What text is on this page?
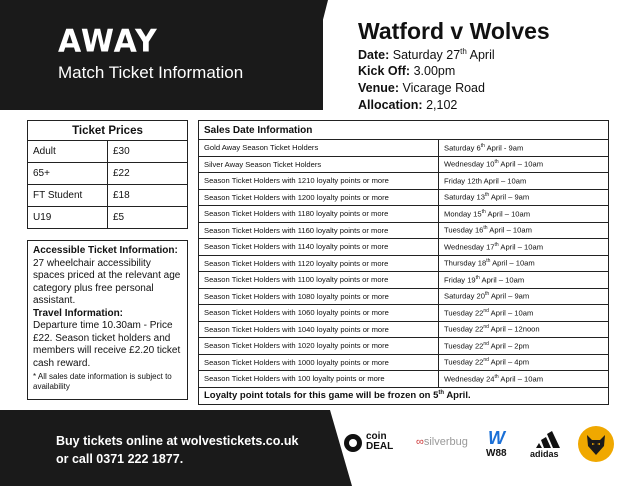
AWAY
Match Ticket Information
Watford v Wolves
Date: Saturday 27th April
Kick Off: 3.00pm
Venue: Vicarage Road
Allocation: 2,102
Ticket Prices	
Adult	£30
65+	£22
FT Student	£18
U19	£5
Accessible Ticket Information:
27 wheelchair accessibility spaces priced at the relevant age category plus free personal assistant.
Travel Information:
Departure time 10.30am - Price £22. Season ticket holders and members will receive £2.20 ticket cash reward.
* All sales date information is subject to availability
Sales Date Information	
Gold Away Season Ticket Holders	Saturday 6th April - 9am
Silver Away Season Ticket Holders	Wednesday 10th April – 10am
Season Ticket Holders with 1210 loyalty points or more	Friday 12th April – 10am
Season Ticket Holders with 1200 loyalty points or more	Saturday 13th April – 9am
Season Ticket Holders with 1180 loyalty points or more	Monday 15th April – 10am
Season Ticket Holders with 1160 loyalty points or more	Tuesday 16th April – 10am
Season Ticket Holders with 1140 loyalty points or more	Wednesday 17th April – 10am
Season Ticket Holders with 1120 loyalty points or more	Thursday 18th April – 10am
Season Ticket Holders with 1100 loyalty points or more	Friday 19th April – 10am
Season Ticket Holders with 1080 loyalty points or more	Saturday 20th April – 9am
Season Ticket Holders with 1060 loyalty points or more	Tuesday 22nd April – 10am
Season Ticket Holders with 1040 loyalty points or more	Tuesday 22nd April – 12noon
Season Ticket Holders with 1020 loyalty points or more	Tuesday 22nd April – 2pm
Season Ticket Holders with 1000 loyalty points or more	Tuesday 22nd April – 4pm
Season Ticket Holders with 100 loyalty points or more	Wednesday 24th April – 10am
Loyalty point totals for this game will be frozen on 5th April.	
Buy tickets online at wolvestickets.co.uk
or call 0371 222 1877.
coin
DEAL ∞silverbug W
W88	adidas
